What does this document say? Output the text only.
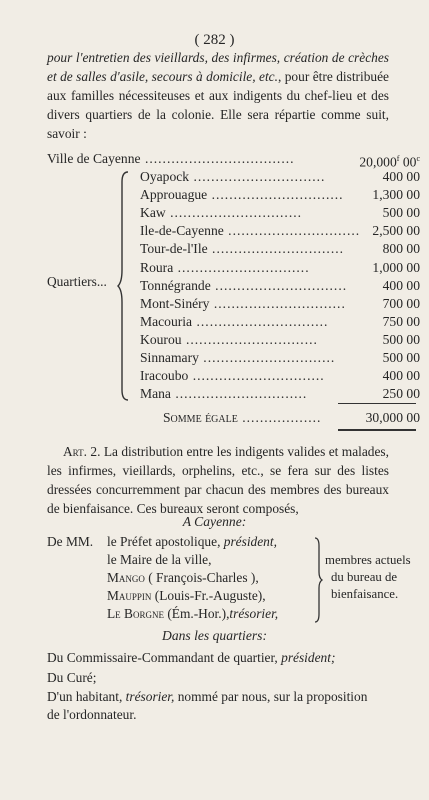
( 282 )

pour l'entretien des vieillards, des infirmes, création de crèches et de salles d'asile, secours à domicile, etc., pour être distribuée aux familles nécessiteuses et aux indigents du chef-lieu et des divers quartiers de la colonie. Elle sera répartie comme suit, savoir :

Ville de Cayenne ..................................	20,000$^f$ 00$^c$
Quartiers...
Oyapock ..............................	400 00
Approuague .............................. 1,300 00
Kaw ..............................	500 00
Ile-de-Cayenne .............................. 2,500 00
Tour-de-l'Ile ..............................	800 00
Roura ..............................	1,000 00
Tonnégrande ..............................	400 00
Mont-Sinéry ..............................	700 00
Macouria ..............................	750 00
Kourou ..............................	500 00
Sinnamary ..............................	500 00
Iracoubo ..............................	400 00
Mana ..............................	250 00
Somme égale ..................	30,000 00

Art. 2. La distribution entre les indigents valides et malades, les infirmes, vieillards, orphelins, etc., se fera sur des listes dressées concurremment par chacun des membres des bureaux de bienfaisance. Ces bureaux seront composés,

A Cayenne:
De MM. le Préfet apostolique, président,
le Maire de la ville,
Mango ( François-Charles ),
Mauppin (Louis-Fr.-Auguste),
Le Borgne (Ém.-Hor.),trésorier,
membres actuels
du bureau de
bienfaisance.
Dans les quartiers:
Du Commissaire-Commandant de quartier, président;
Du Curé;
D'un habitant, trésorier, nommé par nous, sur la proposition
de l'ordonnateur.
